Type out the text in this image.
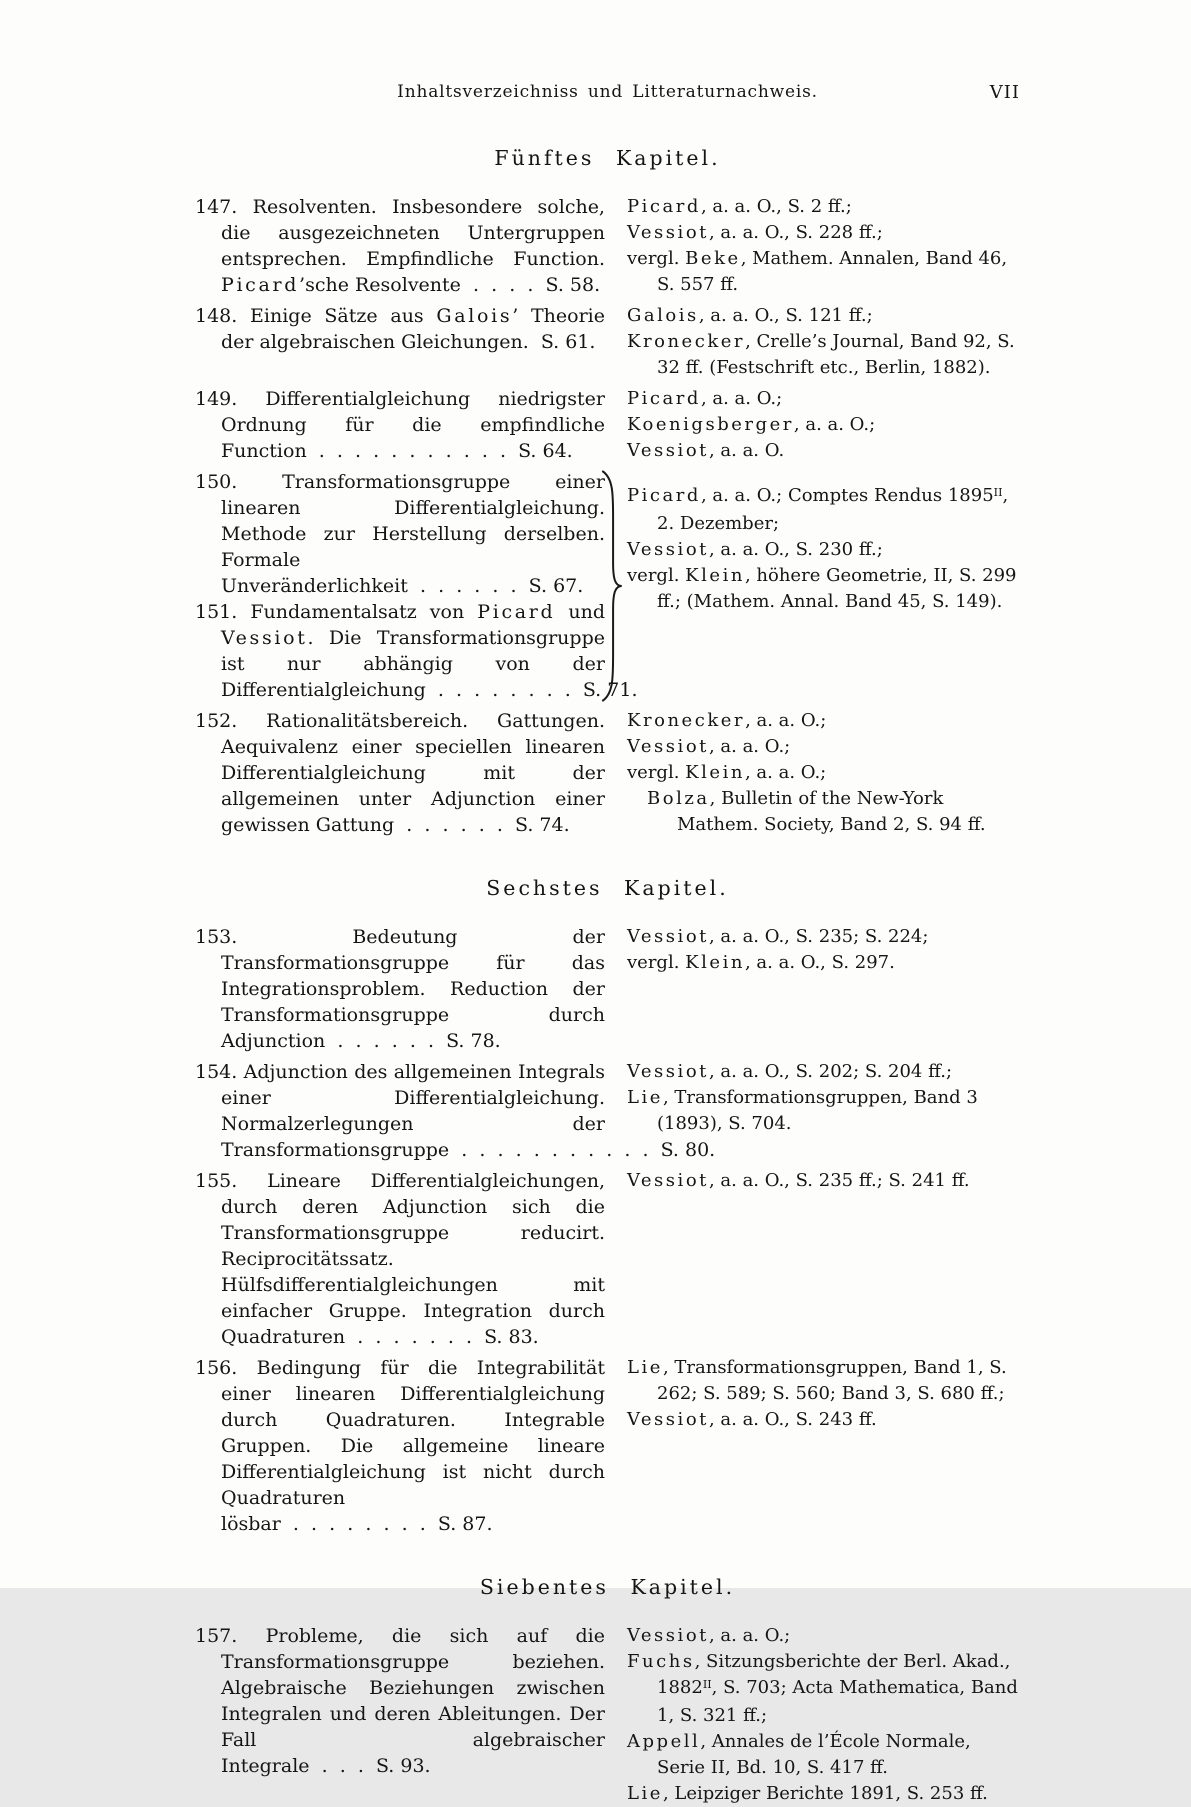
Inhaltsverzeichniss und Litteraturnachweis.	VII
Fünftes Kapitel.

147. Resolventen. Insbesondere solche, die ausgezeichneten Untergruppen entsprechen. Empfindliche Function. Picard’sche Resolvente  .  .  .  .  S. 58.

Picard, a. a. O., S. 2 ff.;

Vessiot, a. a. O., S. 228 ff.;

vergl. Beke, Mathem. Annalen, Band 46, S. 557 ff.

148. Einige Sätze aus Galois’ Theorie der algebraischen Gleichungen.  S. 61.

Galois, a. a. O., S. 121 ff.;

Kronecker, Crelle’s Journal, Band 92, S. 32 ff. (Festschrift etc., Berlin, 1882).

149. Differentialgleichung niedrigster Ordnung für die empfindliche Function  .  .  .  .  .  .  .  .  .  .  .  S. 64.

Picard, a. a. O.;

Koenigsberger, a. a. O.;

Vessiot, a. a. O.

150. Transformationsgruppe einer linearen Differentialgleichung. Methode zur Herstellung derselben. Formale Unveränderlichkeit  .  .  .  .  .  .  S. 67.

151. Fundamentalsatz von Picard und Vessiot. Die Transformationsgruppe ist nur abhängig von der Differentialgleichung  .  .  .  .  .  .  .  .  S. 71.

Picard, a. a. O.; Comptes Rendus 1895$^{II}$, 2. Dezember;

Vessiot, a. a. O., S. 230 ff.;

vergl. Klein, höhere Geometrie, II, S. 299 ff.; (Mathem. Annal. Band 45, S. 149).

152. Rationalitätsbereich. Gattungen. Aequivalenz einer speciellen linearen Differentialgleichung mit der allgemeinen unter Adjunction einer gewissen Gattung  .  .  .  .  .  .  S. 74.

Kronecker, a. a. O.;

Vessiot, a. a. O.;

vergl. Klein, a. a. O.;

Bolza, Bulletin of the New-York Mathem. Society, Band 2, S. 94 ff.

Sechstes Kapitel.

153. Bedeutung der Transformationsgruppe für das Integrationsproblem. Reduction der Transformationsgruppe durch Adjunction  .  .  .  .  .  .  S. 78.

Vessiot, a. a. O., S. 235; S. 224;

vergl. Klein, a. a. O., S. 297.

154. Adjunction des allgemeinen Integrals einer Differentialgleichung. Normalzerlegungen der Transformationsgruppe  .  .  .  .  .  .  .  .  .  .  .  S. 80.

Vessiot, a. a. O., S. 202; S. 204 ff.;

Lie, Transformationsgruppen, Band 3 (1893), S. 704.

155. Lineare Differentialgleichungen, durch deren Adjunction sich die Transformationsgruppe reducirt. Reciprocitätssatz. Hülfsdifferentialgleichungen mit einfacher Gruppe. Integration durch Quadraturen  .  .  .  .  .  .  .  S. 83.

Vessiot, a. a. O., S. 235 ff.; S. 241 ff.

156. Bedingung für die Integrabilität einer linearen Differentialgleichung durch Quadraturen. Integrable Gruppen. Die allgemeine lineare Differentialgleichung ist nicht durch Quadraturen lösbar  .  .  .  .  .  .  .  .  S. 87.

Lie, Transformationsgruppen, Band 1, S. 262; S. 589; S. 560; Band 3, S. 680 ff.;

Vessiot, a. a. O., S. 243 ff.

Siebentes Kapitel.

157. Probleme, die sich auf die Transformationsgruppe beziehen. Algebraische Beziehungen zwischen Integralen und deren Ableitungen. Der Fall algebraischer Integrale  .  .  .  S. 93.

Vessiot, a. a. O.;

Fuchs, Sitzungsberichte der Berl. Akad., 1882$^{II}$, S. 703; Acta Mathematica, Band 1, S. 321 ff.;

Appell, Annales de l’École Normale, Serie II, Bd. 10, S. 417 ff.

Lie, Leipziger Berichte 1891, S. 253 ff.
